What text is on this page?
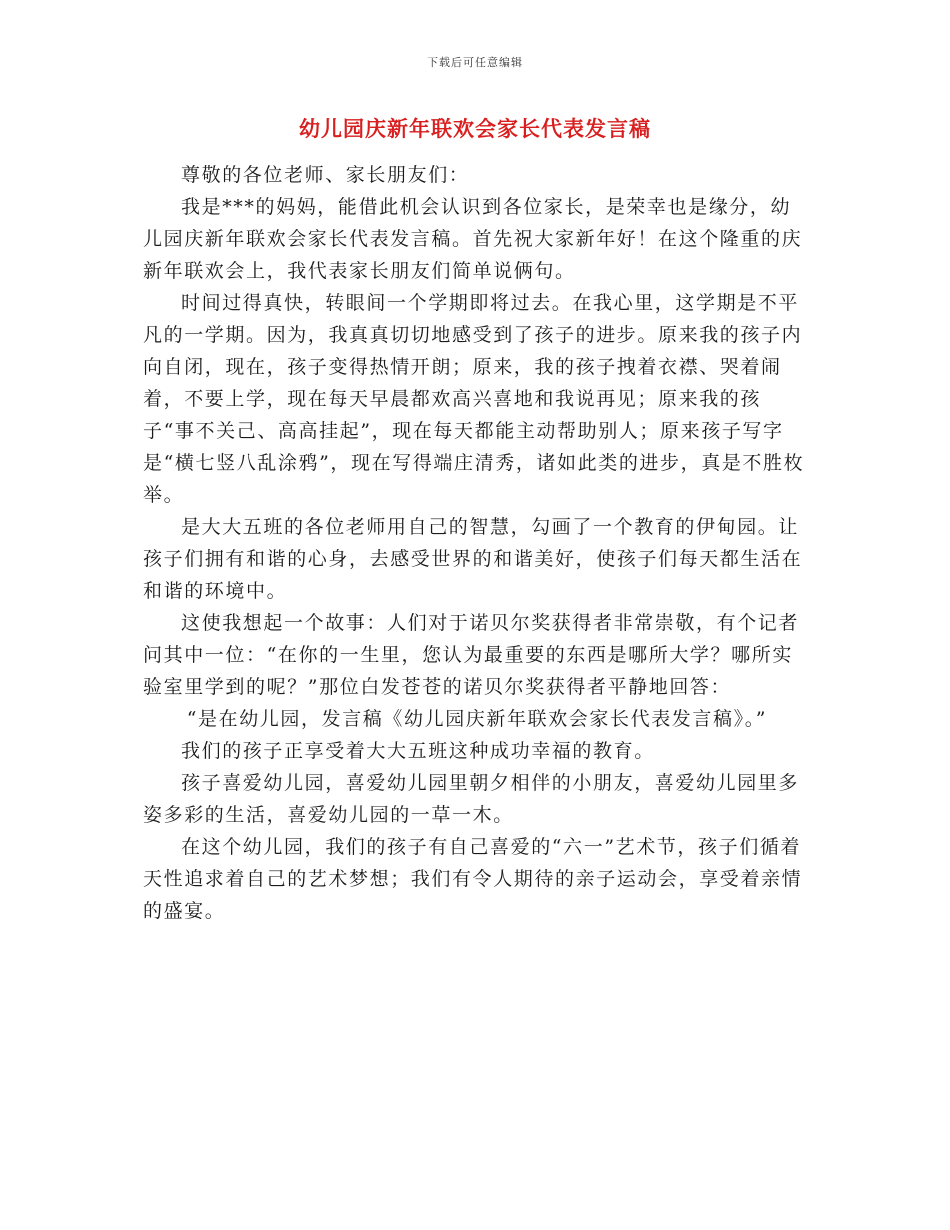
下载后可任意编辑
幼儿园庆新年联欢会家长代表发言稿

尊敬的各位老师、家长朋友们：

我是***的妈妈，能借此机会认识到各位家长，是荣幸也是缘分，幼儿园庆新年联欢会家长代表发言稿。首先祝大家新年好！在这个隆重的庆新年联欢会上，我代表家长朋友们简单说俩句。

时间过得真快，转眼间一个学期即将过去。在我心里，这学期是不平凡的一学期。因为，我真真切切地感受到了孩子的进步。原来我的孩子内向自闭，现在，孩子变得热情开朗；原来，我的孩子拽着衣襟、哭着闹着，不要上学，现在每天早晨都欢高兴喜地和我说再见；原来我的孩子“事不关己、高高挂起”，现在每天都能主动帮助别人；原来孩子写字是“横七竖八乱涂鸦”，现在写得端庄清秀，诸如此类的进步，真是不胜枚举。

是大大五班的各位老师用自己的智慧，勾画了一个教育的伊甸园。让孩子们拥有和谐的心身，去感受世界的和谐美好，使孩子们每天都生活在和谐的环境中。

这使我想起一个故事：人们对于诺贝尔奖获得者非常崇敬，有个记者问其中一位：“在你的一生里，您认为最重要的东西是哪所大学？哪所实验室里学到的呢？”那位白发苍苍的诺贝尔奖获得者平静地回答：

“是在幼儿园，发言稿《幼儿园庆新年联欢会家长代表发言稿》。”

我们的孩子正享受着大大五班这种成功幸福的教育。

孩子喜爱幼儿园，喜爱幼儿园里朝夕相伴的小朋友，喜爱幼儿园里多姿多彩的生活，喜爱幼儿园的一草一木。

在这个幼儿园，我们的孩子有自己喜爱的“六一”艺术节，孩子们循着天性追求着自己的艺术梦想；我们有令人期待的亲子运动会，享受着亲情的盛宴。
